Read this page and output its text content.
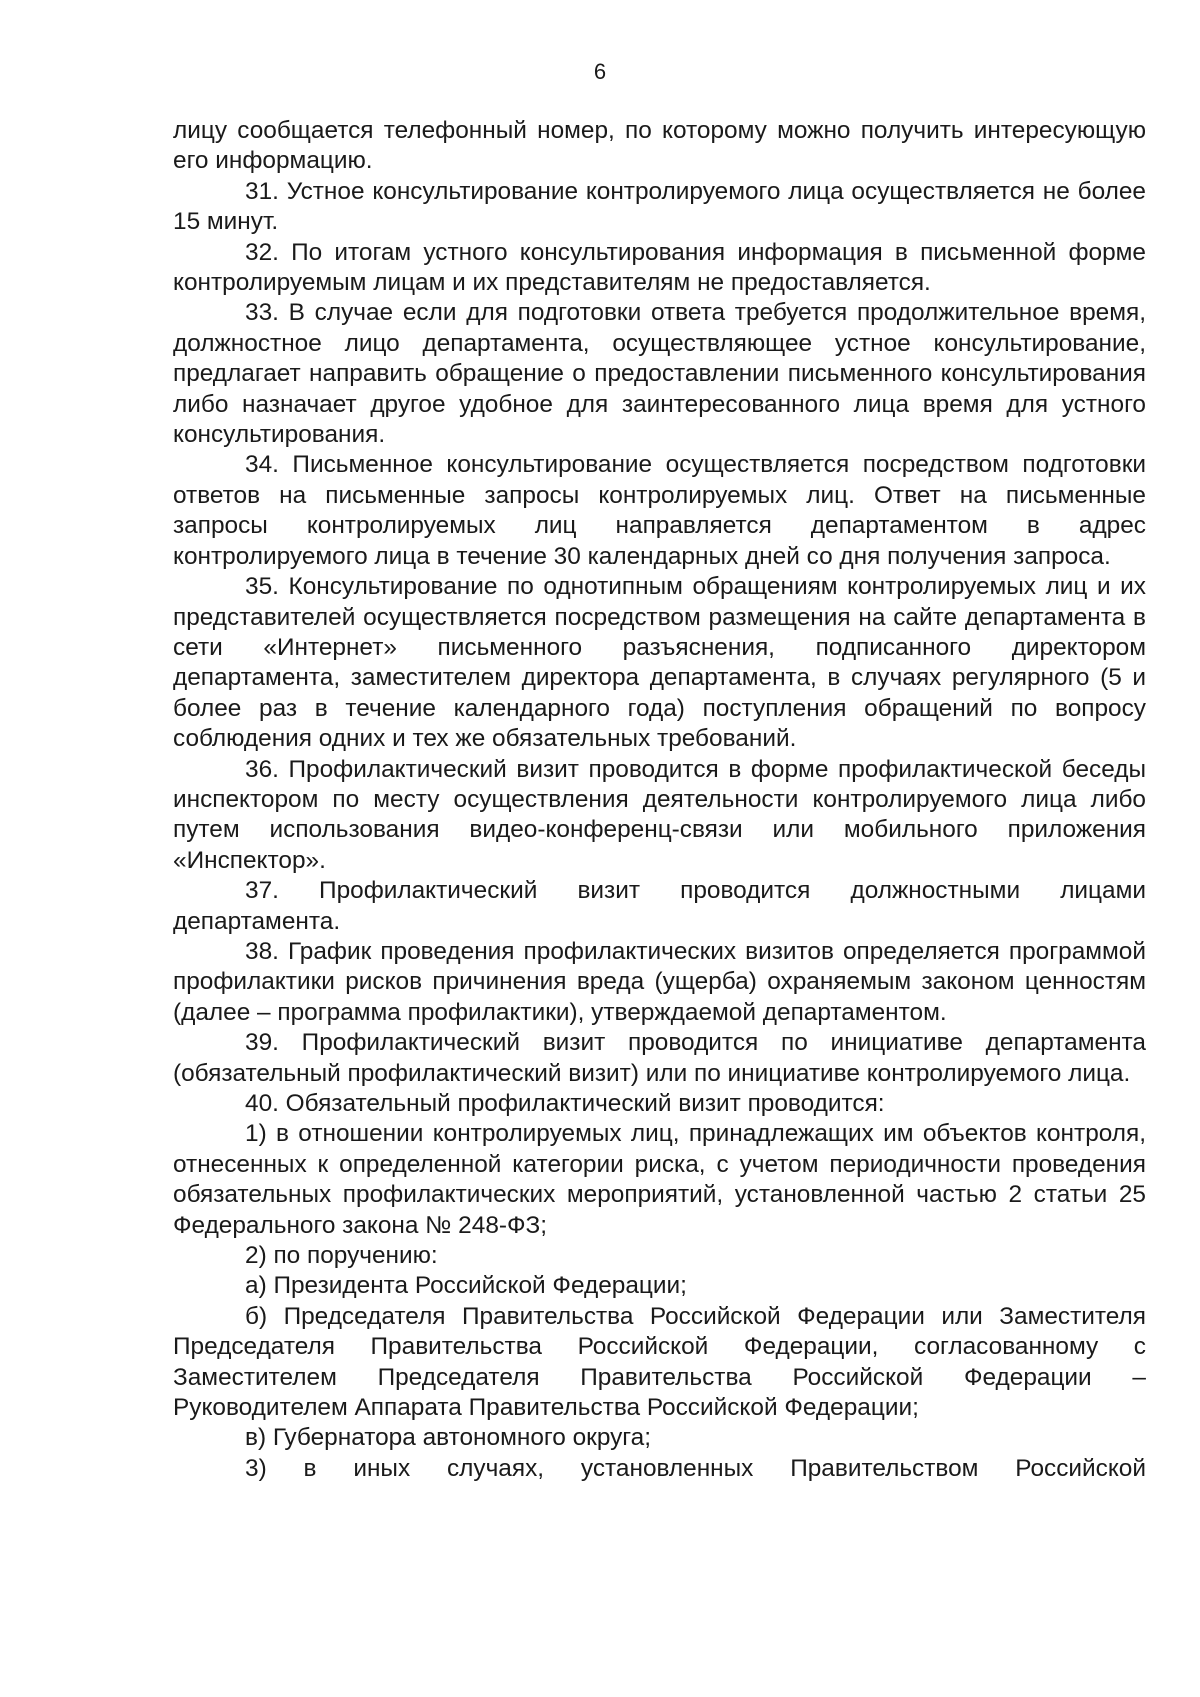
6

лицу сообщается телефонный номер, по которому можно получить интересующую его информацию.

31. Устное консультирование контролируемого лица осуществляется не более 15 минут.

32. По итогам устного консультирования информация в письменной форме контролируемым лицам и их представителям не предоставляется.

33. В случае если для подготовки ответа требуется продолжительное время, должностное лицо департамента, осуществляющее устное консультирование, предлагает направить обращение о предоставлении письменного консультирования либо назначает другое удобное для заинтересованного лица время для устного консультирования.

34. Письменное консультирование осуществляется посредством подготовки ответов на письменные запросы контролируемых лиц. Ответ на письменные запросы контролируемых лиц направляется департаментом в адрес контролируемого лица в течение 30 календарных дней со дня получения запроса.

35. Консультирование по однотипным обращениям контролируемых лиц и их представителей осуществляется посредством размещения на сайте департамента в сети «Интернет» письменного разъяснения, подписанного директором департамента, заместителем директора департамента, в случаях регулярного (5 и более раз в течение календарного года) поступления обращений по вопросу соблюдения одних и тех же обязательных требований.

36. Профилактический визит проводится в форме профилактической беседы инспектором по месту осуществления деятельности контролируемого лица либо путем использования видео-конференц-связи или мобильного приложения «Инспектор».

37. Профилактический визит проводится должностными лицами департамента.

38. График проведения профилактических визитов определяется программой профилактики рисков причинения вреда (ущерба) охраняемым законом ценностям (далее – программа профилактики), утверждаемой департаментом.

39. Профилактический визит проводится по инициативе департамента (обязательный профилактический визит) или по инициативе контролируемого лица.

40. Обязательный профилактический визит проводится:

1) в отношении контролируемых лиц, принадлежащих им объектов контроля, отнесенных к определенной категории риска, с учетом периодичности проведения обязательных профилактических мероприятий, установленной частью 2 статьи 25 Федерального закона № 248-ФЗ;

2) по поручению:

а) Президента Российской Федерации;

б) Председателя Правительства Российской Федерации или Заместителя Председателя Правительства Российской Федерации, согласованному с Заместителем Председателя Правительства Российской Федерации – Руководителем Аппарата Правительства Российской Федерации;

в) Губернатора автономного округа;

3) в иных случаях, установленных Правительством Российской
